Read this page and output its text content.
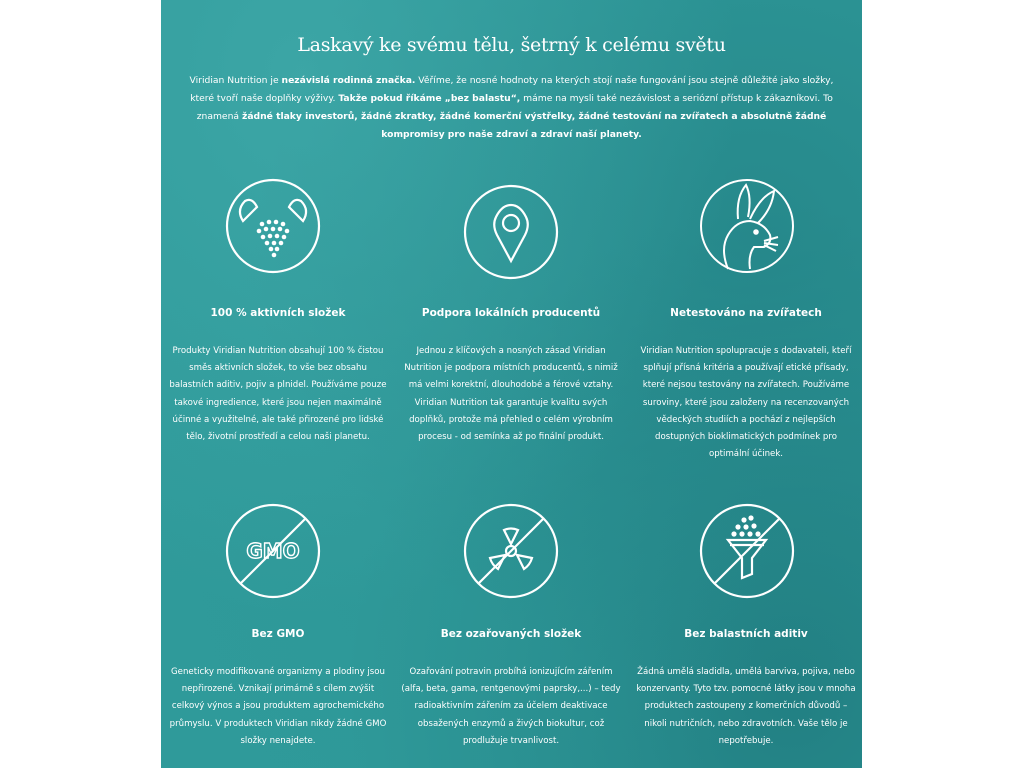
Laskavý ke svému tělu, šetrný k celému světu
Viridian Nutrition je nezávislá rodinná značka. Věříme, že nosné hodnoty na kterých stojí naše fungování jsou stejně důležité jako složky, které tvoří naše doplňky výživy. Takže pokud říkáme „bez balastu“, máme na mysli také nezávislost a seriózní přístup k zákazníkovi. To znamená žádné tlaky investorů, žádné zkratky, žádné komerční výstřelky, žádné testování na zvířatech a absolutně žádné kompromisy pro naše zdraví a zdraví naší planety.
100 % aktivních složek
Produkty Viridian Nutrition obsahují 100 % čistou směs aktivních složek, to vše bez obsahu balastních aditiv, pojiv a plnidel. Používáme pouze takové ingredience, které jsou nejen maximálně účinné a využitelné, ale také přirozené pro lidské tělo, životní prostředí a celou naši planetu.
Podpora lokálních producentů
Jednou z klíčových a nosných zásad Viridian Nutrition je podpora místních producentů, s nimiž má velmi korektní, dlouhodobé a férové vztahy. Viridian Nutrition tak garantuje kvalitu svých doplňků, protože má přehled o celém výrobním procesu - od semínka až po finální produkt.
Netestováno na zvířatech
Viridian Nutrition spolupracuje s dodavateli, kteří splňují přísná kritéria a používají etické přísady, které nejsou testovány na zvířatech. Používáme suroviny, které jsou založeny na recenzovaných vědeckých studiích a pochází z nejlepších dostupných bioklimatických podmínek pro optimální účinek.
GMO
Bez GMO
Geneticky modifikované organizmy a plodiny jsou nepřirozené. Vznikají primárně s cílem zvýšit celkový výnos a jsou produktem agrochemického průmyslu. V produktech Viridian nikdy žádné GMO složky nenajdete.
Bez ozařovaných složek
Ozařování potravin probíhá ionizujícím zářením (alfa, beta, gama, rentgenovými paprsky,...) – tedy radioaktivním zářením za účelem deaktivace obsažených enzymů a živých biokultur, což prodlužuje trvanlivost.
Bez balastních aditiv
Žádná umělá sladidla, umělá barviva, pojiva, nebo konzervanty. Tyto tzv. pomocné látky jsou v mnoha produktech zastoupeny z komerčních důvodů – nikoli nutričních, nebo zdravotních. Vaše tělo je nepotřebuje.
